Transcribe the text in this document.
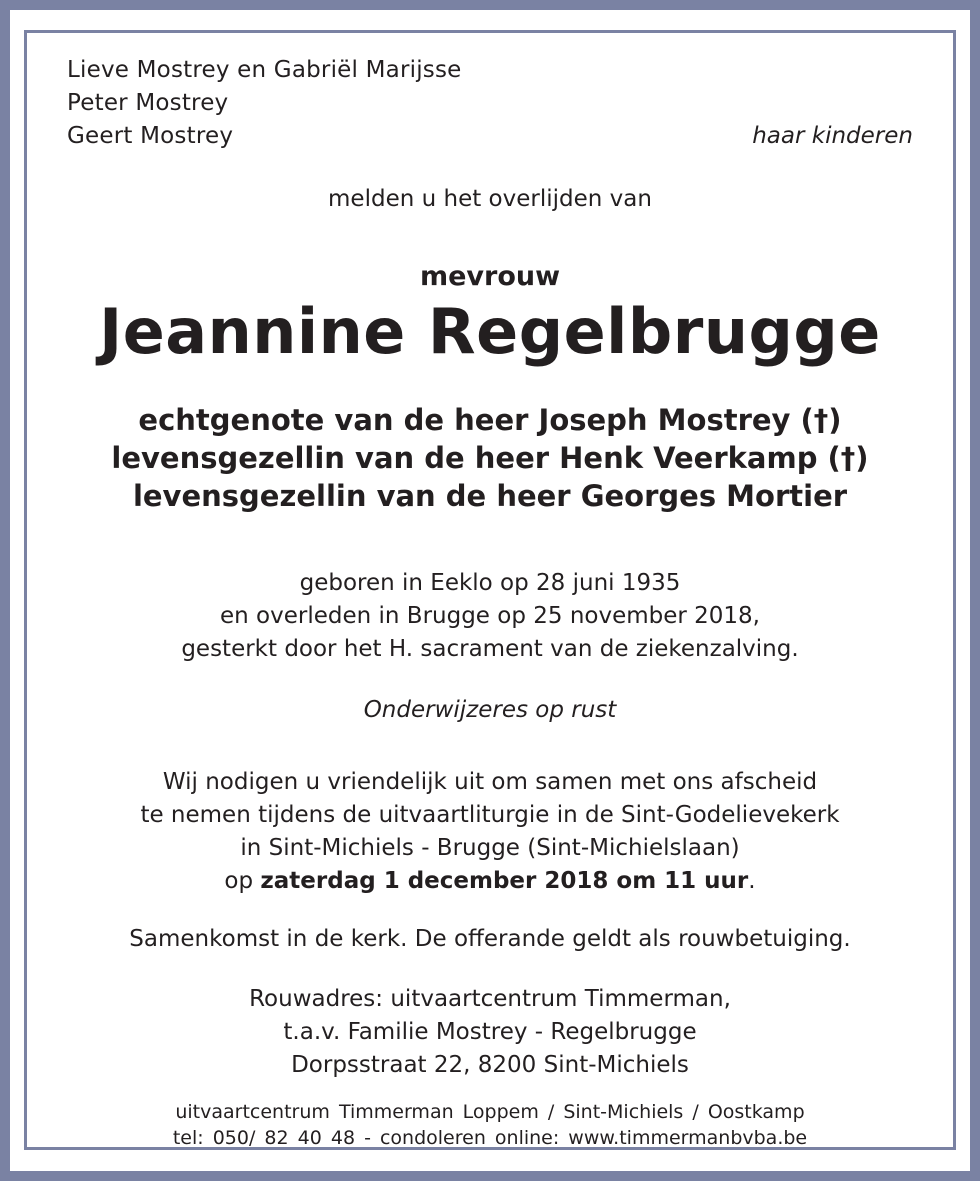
Lieve Mostrey en Gabriël Marijsse
Peter Mostrey
Geert Mostrey	haar kinderen
melden u het overlijden van
mevrouw
Jeannine Regelbrugge
echtgenote van de heer Joseph Mostrey (†)
levensgezellin van de heer Henk Veerkamp (†)
levensgezellin van de heer Georges Mortier
geboren in Eeklo op 28 juni 1935
en overleden in Brugge op 25 november 2018,
gesterkt door het H. sacrament van de ziekenzalving.
Onderwijzeres op rust
Wij nodigen u vriendelijk uit om samen met ons afscheid
te nemen tijdens de uitvaartliturgie in de Sint-Godelievekerk
in Sint-Michiels - Brugge (Sint-Michielslaan)
op zaterdag 1 december 2018 om 11 uur.
Samenkomst in de kerk. De offerande geldt als rouwbetuiging.
Rouwadres: uitvaartcentrum Timmerman,
t.a.v. Familie Mostrey - Regelbrugge
Dorpsstraat 22, 8200 Sint-Michiels
uitvaartcentrum Timmerman Loppem / Sint-Michiels / Oostkamp
tel: 050/ 82 40 48 - condoleren online: www.timmermanbvba.be
